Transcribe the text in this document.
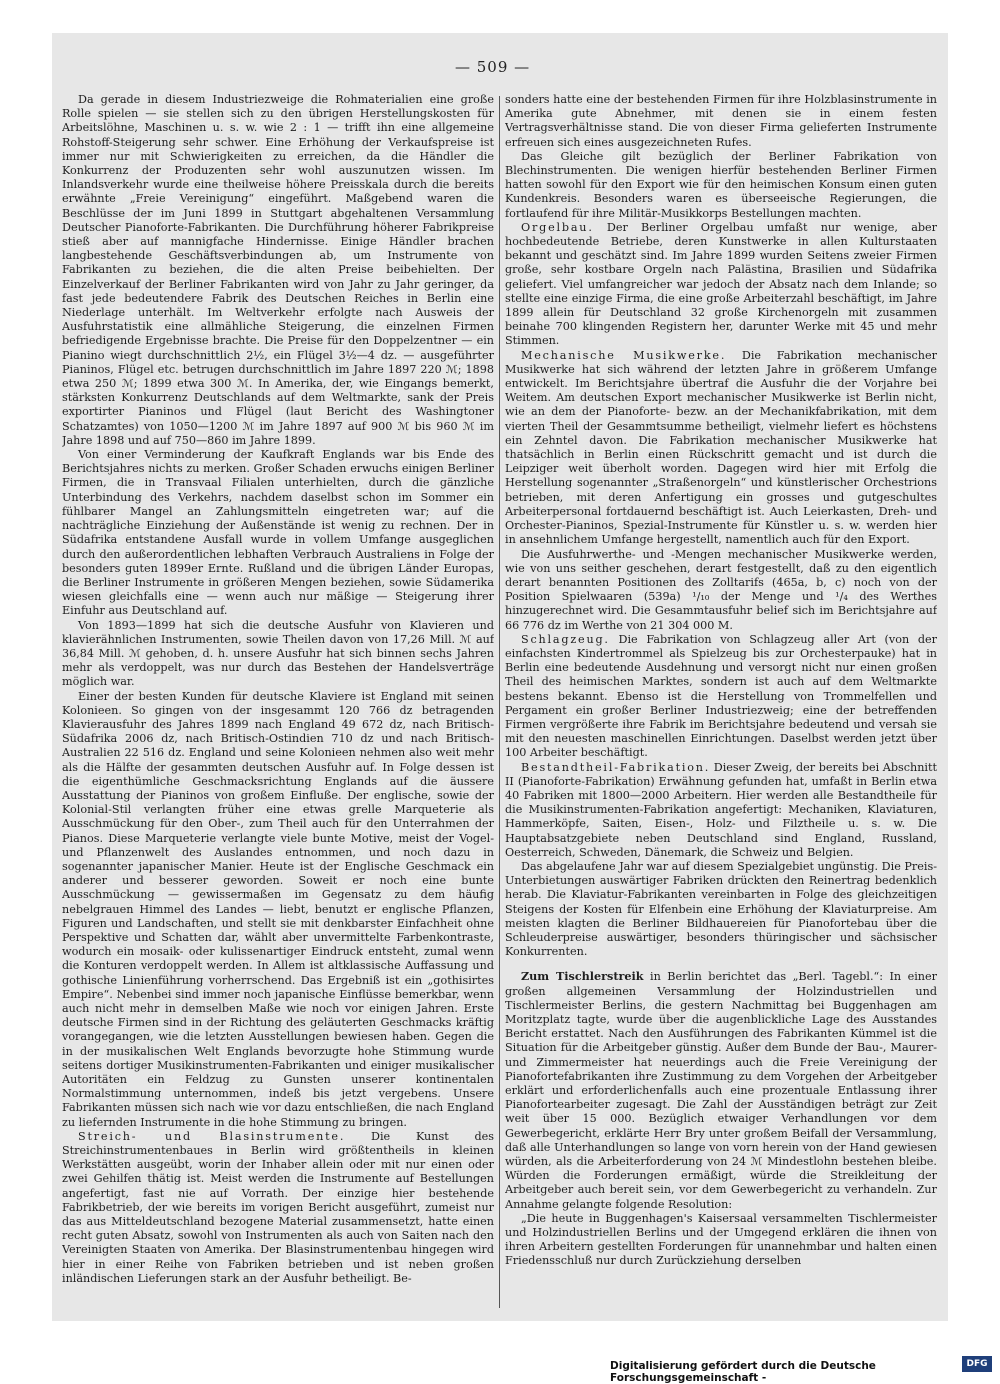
— 509 —

Da gerade in diesem Industriezweige die Rohmaterialien eine große Rolle spielen — sie stellen sich zu den übrigen Herstellungskosten für Arbeitslöhne, Maschinen u. s. w. wie 2 : 1 — trifft ihn eine allgemeine Rohstoff-Steigerung sehr schwer. Eine Erhöhung der Verkaufspreise ist immer nur mit Schwierigkeiten zu erreichen, da die Händler die Konkurrenz der Produzenten sehr wohl auszunutzen wissen. Im Inlandsverkehr wurde eine theilweise höhere Preisskala durch die bereits erwähnte „Freie Vereinigung“ eingeführt. Maßgebend waren die Beschlüsse der im Juni 1899 in Stuttgart abgehaltenen Versammlung Deutscher Pianoforte-Fabrikanten. Die Durchführung höherer Fabrikpreise stieß aber auf mannigfache Hindernisse. Einige Händler brachen langbestehende Geschäftsverbindungen ab, um Instrumente von Fabrikanten zu beziehen, die die alten Preise beibehielten. Der Einzelverkauf der Berliner Fabrikanten wird von Jahr zu Jahr geringer, da fast jede bedeutendere Fabrik des Deutschen Reiches in Berlin eine Niederlage unterhält. Im Weltverkehr erfolgte nach Ausweis der Ausfuhrstatistik eine allmähliche Steigerung, die einzelnen Firmen befriedigende Ergebnisse brachte. Die Preise für den Doppelzentner — ein Pianino wiegt durchschnittlich 2½, ein Flügel 3½—4 dz. — ausgeführter Pianinos, Flügel etc. betrugen durchschnittlich im Jahre 1897 220 ℳ; 1898 etwa 250 ℳ; 1899 etwa 300 ℳ. In Amerika, der, wie Eingangs bemerkt, stärksten Konkurrenz Deutschlands auf dem Weltmarkte, sank der Preis exportirter Pianinos und Flügel (laut Bericht des Washingtoner Schatzamtes) von 1050—1200 ℳ im Jahre 1897 auf 900 ℳ bis 960 ℳ im Jahre 1898 und auf 750—860 im Jahre 1899.

Von einer Verminderung der Kaufkraft Englands war bis Ende des Berichtsjahres nichts zu merken. Großer Schaden erwuchs einigen Berliner Firmen, die in Transvaal Filialen unterhielten, durch die gänzliche Unterbindung des Verkehrs, nachdem daselbst schon im Sommer ein fühlbarer Mangel an Zahlungsmitteln eingetreten war; auf die nachträgliche Einziehung der Außenstände ist wenig zu rechnen. Der in Südafrika entstandene Ausfall wurde in vollem Umfange ausgeglichen durch den außerordentlichen lebhaften Verbrauch Australiens in Folge der besonders guten 1899er Ernte. Rußland und die übrigen Länder Europas, die Berliner Instrumente in größeren Mengen beziehen, sowie Südamerika wiesen gleichfalls eine — wenn auch nur mäßige — Steigerung ihrer Einfuhr aus Deutschland auf.

Von 1893—1899 hat sich die deutsche Ausfuhr von Klavieren und klavierähnlichen Instrumenten, sowie Theilen davon von 17,26 Mill. ℳ auf 36,84 Mill. ℳ gehoben, d. h. unsere Ausfuhr hat sich binnen sechs Jahren mehr als verdoppelt, was nur durch das Bestehen der Handelsverträge möglich war.

Einer der besten Kunden für deutsche Klaviere ist England mit seinen Kolonieen. So gingen von der insgesammt 120 766 dz betragenden Klavierausfuhr des Jahres 1899 nach England 49 672 dz, nach Britisch-Südafrika 2006 dz, nach Britisch-Ostindien 710 dz und nach Britisch-Australien 22 516 dz. England und seine Kolonieen nehmen also weit mehr als die Hälfte der gesammten deutschen Ausfuhr auf. In Folge dessen ist die eigenthümliche Geschmacksrichtung Englands auf die äussere Ausstattung der Pianinos von großem Einfluße. Der englische, sowie der Kolonial-Stil verlangten früher eine etwas grelle Marqueterie als Ausschmückung für den Ober-, zum Theil auch für den Unterrahmen der Pianos. Diese Marqueterie verlangte viele bunte Motive, meist der Vogel- und Pflanzenwelt des Auslandes entnommen, und noch dazu in sogenannter japanischer Manier. Heute ist der Englische Geschmack ein anderer und besserer geworden. Soweit er noch eine bunte Ausschmückung — gewissermaßen im Gegensatz zu dem häufig nebelgrauen Himmel des Landes — liebt, benutzt er englische Pflanzen, Figuren und Landschaften, und stellt sie mit denkbarster Einfachheit ohne Perspektive und Schatten dar, wählt aber unvermittelte Farbenkontraste, wodurch ein mosaik- oder kulissenartiger Eindruck entsteht, zumal wenn die Konturen verdoppelt werden. In Allem ist altklassische Auffassung und gothische Linienführung vorherrschend. Das Ergebniß ist ein „gothisirtes Empire“. Nebenbei sind immer noch japanische Einflüsse bemerkbar, wenn auch nicht mehr in demselben Maße wie noch vor einigen Jahren. Erste deutsche Firmen sind in der Richtung des geläuterten Geschmacks kräftig vorangegangen, wie die letzten Ausstellungen bewiesen haben. Gegen die in der musikalischen Welt Englands bevorzugte hohe Stimmung wurde seitens dortiger Musikinstrumenten-Fabrikanten und einiger musikalischer Autoritäten ein Feldzug zu Gunsten unserer kontinentalen Normalstimmung unternommen, indeß bis jetzt vergebens. Unsere Fabrikanten müssen sich nach wie vor dazu entschließen, die nach England zu liefernden Instrumente in die hohe Stimmung zu bringen.

Streich- und Blasinstrumente. Die Kunst des Streichinstrumentenbaues in Berlin wird größtentheils in kleinen Werkstätten ausgeübt, worin der Inhaber allein oder mit nur einen oder zwei Gehilfen thätig ist. Meist werden die Instrumente auf Bestellungen angefertigt, fast nie auf Vorrath. Der einzige hier bestehende Fabrikbetrieb, der wie bereits im vorigen Bericht ausgeführt, zumeist nur das aus Mitteldeutschland bezogene Material zusammensetzt, hatte einen recht guten Absatz, sowohl von Instrumenten als auch von Saiten nach den Vereinigten Staaten von Amerika. Der Blasinstrumentenbau hingegen wird hier in einer Reihe von Fabriken betrieben und ist neben großen inländischen Lieferungen stark an der Ausfuhr betheiligt. Be-

sonders hatte eine der bestehenden Firmen für ihre Holzblasinstrumente in Amerika gute Abnehmer, mit denen sie in einem festen Vertragsverhältnisse stand. Die von dieser Firma gelieferten Instrumente erfreuen sich eines ausgezeichneten Rufes.

Das Gleiche gilt bezüglich der Berliner Fabrikation von Blechinstrumenten. Die wenigen hierfür bestehenden Berliner Firmen hatten sowohl für den Export wie für den heimischen Konsum einen guten Kundenkreis. Besonders waren es überseeische Regierungen, die fortlaufend für ihre Militär-Musikkorps Bestellungen machten.

Orgelbau. Der Berliner Orgelbau umfaßt nur wenige, aber hochbedeutende Betriebe, deren Kunstwerke in allen Kulturstaaten bekannt und geschätzt sind. Im Jahre 1899 wurden Seitens zweier Firmen große, sehr kostbare Orgeln nach Palästina, Brasilien und Südafrika geliefert. Viel umfangreicher war jedoch der Absatz nach dem Inlande; so stellte eine einzige Firma, die eine große Arbeiterzahl beschäftigt, im Jahre 1899 allein für Deutschland 32 große Kirchenorgeln mit zusammen beinahe 700 klingenden Registern her, darunter Werke mit 45 und mehr Stimmen.

Mechanische Musikwerke. Die Fabrikation mechanischer Musikwerke hat sich während der letzten Jahre in größerem Umfange entwickelt. Im Berichtsjahre übertraf die Ausfuhr die der Vorjahre bei Weitem. Am deutschen Export mechanischer Musikwerke ist Berlin nicht, wie an dem der Pianoforte- bezw. an der Mechanikfabrikation, mit dem vierten Theil der Gesammtsumme betheiligt, vielmehr liefert es höchstens ein Zehntel davon. Die Fabrikation mechanischer Musikwerke hat thatsächlich in Berlin einen Rückschritt gemacht und ist durch die Leipziger weit überholt worden. Dagegen wird hier mit Erfolg die Herstellung sogenannter „Straßenorgeln“ und künstlerischer Orchestrions betrieben, mit deren Anfertigung ein grosses und gutgeschultes Arbeiterpersonal fortdauernd beschäftigt ist. Auch Leierkasten, Dreh- und Orchester-Pianinos, Spezial-Instrumente für Künstler u. s. w. werden hier in ansehnlichem Umfange hergestellt, namentlich auch für den Export.

Die Ausfuhrwerthe- und -Mengen mechanischer Musikwerke werden, wie von uns seither geschehen, derart festgestellt, daß zu den eigentlich derart benannten Positionen des Zolltarifs (465a, b, c) noch von der Position Spielwaaren (539a) ¹/₁₀ der Menge und ¹/₄ des Werthes hinzugerechnet wird. Die Gesammtausfuhr belief sich im Berichtsjahre auf 66 776 dz im Werthe von 21 304 000 M.

Schlagzeug. Die Fabrikation von Schlagzeug aller Art (von der einfachsten Kindertrommel als Spielzeug bis zur Orchesterpauke) hat in Berlin eine bedeutende Ausdehnung und versorgt nicht nur einen großen Theil des heimischen Marktes, sondern ist auch auf dem Weltmarkte bestens bekannt. Ebenso ist die Herstellung von Trommelfellen und Pergament ein großer Berliner Industriezweig; eine der betreffenden Firmen vergrößerte ihre Fabrik im Berichtsjahre bedeutend und versah sie mit den neuesten maschinellen Einrichtungen. Daselbst werden jetzt über 100 Arbeiter beschäftigt.

Bestandtheil-Fabrikation. Dieser Zweig, der bereits bei Abschnitt II (Pianoforte-Fabrikation) Erwähnung gefunden hat, umfaßt in Berlin etwa 40 Fabriken mit 1800—2000 Arbeitern. Hier werden alle Bestandtheile für die Musikinstrumenten-Fabrikation angefertigt: Mechaniken, Klaviaturen, Hammerköpfe, Saiten, Eisen-, Holz- und Filztheile u. s. w. Die Hauptabsatzgebiete neben Deutschland sind England, Russland, Oesterreich, Schweden, Dänemark, die Schweiz und Belgien.

Das abgelaufene Jahr war auf diesem Spezialgebiet ungünstig. Die Preis-Unterbietungen auswärtiger Fabriken drückten den Reinertrag bedenklich herab. Die Klaviatur-Fabrikanten vereinbarten in Folge des gleichzeitigen Steigens der Kosten für Elfenbein eine Erhöhung der Klaviaturpreise. Am meisten klagten die Berliner Bildhauereien für Pianofortebau über die Schleuderpreise auswärtiger, besonders thüringischer und sächsischer Konkurrenten.

Zum Tischlerstreik in Berlin berichtet das „Berl. Tagebl.“: In einer großen allgemeinen Versammlung der Holzindustriellen und Tischlermeister Berlins, die gestern Nachmittag bei Buggenhagen am Moritzplatz tagte, wurde über die augenblickliche Lage des Ausstandes Bericht erstattet. Nach den Ausführungen des Fabrikanten Kümmel ist die Situation für die Arbeitgeber günstig. Außer dem Bunde der Bau-, Maurer- und Zimmermeister hat neuerdings auch die Freie Vereinigung der Pianofortefabrikanten ihre Zustimmung zu dem Vorgehen der Arbeitgeber erklärt und erforderlichenfalls auch eine prozentuale Entlassung ihrer Pianofortearbeiter zugesagt. Die Zahl der Ausständigen beträgt zur Zeit weit über 15 000. Bezüglich etwaiger Verhandlungen vor dem Gewerbegericht, erklärte Herr Bry unter großem Beifall der Versammlung, daß alle Unterhandlungen so lange von vorn herein von der Hand gewiesen würden, als die Arbeiterforderung von 24 ℳ Mindestlohn bestehen bleibe. Würden die Forderungen ermäßigt, würde die Streikleitung der Arbeitgeber auch bereit sein, vor dem Gewerbegericht zu verhandeln. Zur Annahme gelangte folgende Resolution:

„Die heute in Buggenhagen's Kaisersaal versammelten Tischlermeister und Holzindustriellen Berlins und der Umgegend erklären die ihnen von ihren Arbeitern gestellten Forderungen für unannehmbar und halten einen Friedensschluß nur durch Zurückziehung derselben

Digitalisierung gefördert durch die Deutsche Forschungsgemeinschaft -
DFG
